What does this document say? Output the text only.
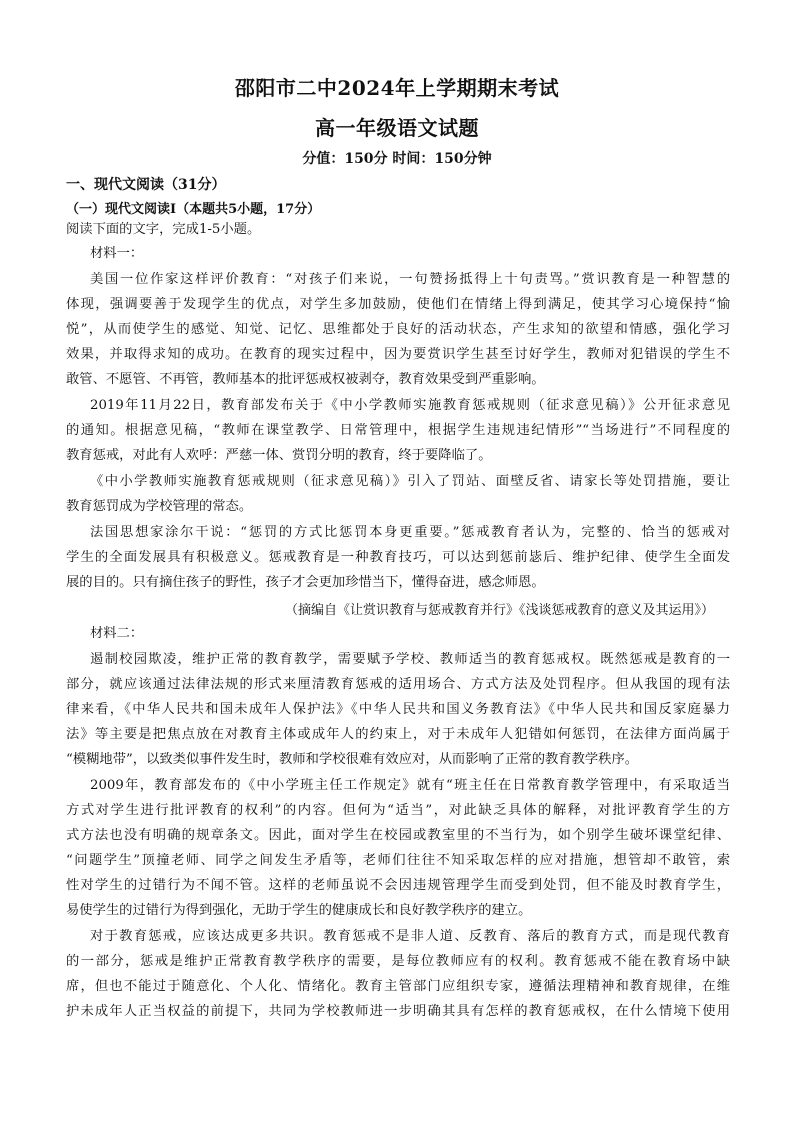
邵阳市二中2024年上学期期末考试
高一年级语文试题
分值：150分 时间：150分钟
一、现代文阅读（31分）
（一）现代文阅读Ⅰ（本题共5小题，17分）
阅读下面的文字，完成1-5小题。
材料一：
美国一位作家这样评价教育：“对孩子们来说，一句赞扬抵得上十句责骂。”赏识教育是一种智慧的
体现，强调要善于发现学生的优点，对学生多加鼓励，使他们在情绪上得到满足，使其学习心境保持“愉
悦”，从而使学生的感觉、知觉、记忆、思维都处于良好的活动状态，产生求知的欲望和情感，强化学习
效果，并取得求知的成功。在教育的现实过程中，因为要赏识学生甚至讨好学生，教师对犯错误的学生不
敢管、不愿管、不再管，教师基本的批评惩戒权被剥夺，教育效果受到严重影响。
2019年11月22日，教育部发布关于《中小学教师实施教育惩戒规则（征求意见稿）》公开征求意见
的通知。根据意见稿，“教师在课堂教学、日常管理中，根据学生违规违纪情形”“当场进行”不同程度的
教育惩戒，对此有人欢呼：严慈一体、赏罚分明的教育，终于要降临了。
《中小学教师实施教育惩戒规则（征求意见稿）》引入了罚站、面壁反省、请家长等处罚措施，要让
教育惩罚成为学校管理的常态。
法国思想家涂尔干说：“惩罚的方式比惩罚本身更重要。”惩戒教育者认为，完整的、恰当的惩戒对
学生的全面发展具有积极意义。惩戒教育是一种教育技巧，可以达到惩前毖后、维护纪律、使学生全面发
展的目的。只有摘住孩子的野性，孩子才会更加珍惜当下，懂得奋进，感念师恩。
（摘编自《让赏识教育与惩戒教育并行》《浅谈惩戒教育的意义及其运用》）
材料二：
遏制校园欺凌，维护正常的教育教学，需要赋予学校、教师适当的教育惩戒权。既然惩戒是教育的一
部分，就应该通过法律法规的形式来厘清教育惩戒的适用场合、方式方法及处罚程序。但从我国的现有法
律来看，《中华人民共和国未成年人保护法》《中华人民共和国义务教育法》《中华人民共和国反家庭暴力
法》等主要是把焦点放在对教育主体或成年人的约束上，对于未成年人犯错如何惩罚，在法律方面尚属于
“模糊地带”，以致类似事件发生时，教师和学校很难有效应对，从而影响了正常的教育教学秩序。
2009年，教育部发布的《中小学班主任工作规定》就有“班主任在日常教育教学管理中，有采取适当
方式对学生进行批评教育的权利”的内容。但何为“适当”，对此缺乏具体的解释，对批评教育学生的方
式方法也没有明确的规章条文。因此，面对学生在校园或教室里的不当行为，如个别学生破坏课堂纪律、
“问题学生”顶撞老师、同学之间发生矛盾等，老师们往往不知采取怎样的应对措施，想管却不敢管，索
性对学生的过错行为不闻不管。这样的老师虽说不会因违规管理学生而受到处罚，但不能及时教育学生，
易使学生的过错行为得到强化，无助于学生的健康成长和良好教学秩序的建立。
对于教育惩戒，应该达成更多共识。教育惩戒不是非人道、反教育、落后的教育方式，而是现代教育
的一部分，惩戒是维护正常教育教学秩序的需要，是每位教师应有的权利。教育惩戒不能在教育场中缺
席，但也不能过于随意化、个人化、情绪化。教育主管部门应组织专家，遵循法理精神和教育规律，在维
护未成年人正当权益的前提下，共同为学校教师进一步明确其具有怎样的教育惩戒权，在什么情境下使用
